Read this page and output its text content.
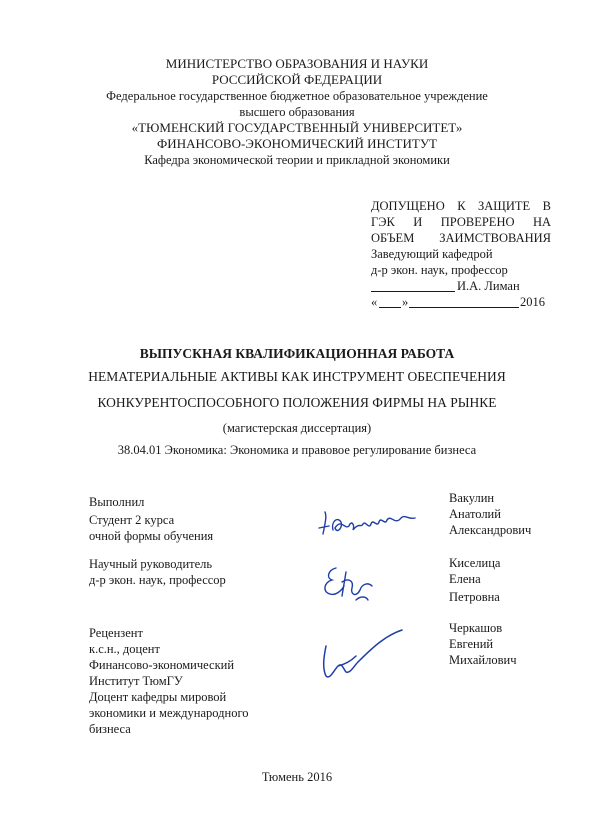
МИНИСТЕРСТВО ОБРАЗОВАНИЯ И НАУКИ
РОССИЙСКОЙ ФЕДЕРАЦИИ
Федеральное государственное бюджетное образовательное учреждение
высшего образования
«ТЮМЕНСКИЙ ГОСУДАРСТВЕННЫЙ УНИВЕРСИТЕТ»
ФИНАНСОВО-ЭКОНОМИЧЕСКИЙ ИНСТИТУТ
Кафедра экономической теории и прикладной экономики
ДОПУЩЕНО К ЗАЩИТЕ В
ГЭК И ПРОВЕРЕНО НА
ОБЪЕМ ЗАИМСТВОВАНИЯ
Заведующий кафедрой
д-р экон. наук, профессор
И.А. Лиман
« »	2016
ВЫПУСКНАЯ КВАЛИФИКАЦИОННАЯ РАБОТА
НЕМАТЕРИАЛЬНЫЕ АКТИВЫ КАК ИНСТРУМЕНТ ОБЕСПЕЧЕНИЯ
КОНКУРЕНТОСПОСОБНОГО ПОЛОЖЕНИЯ ФИРМЫ НА РЫНКЕ
(магистерская диссертация)
38.04.01 Экономика: Экономика и правовое регулирование бизнеса
Выполнил
Студент 2 курса
очной формы обучения
Вакулин
Анатолий
Александрович
Научный руководитель
д-р экон. наук, профессор
Киселица
Елена
Петровна
Рецензент
к.с.н., доцент
Финансово-экономический
Институт ТюмГУ
Доцент кафедры мировой
экономики и международного
бизнеса
Черкашов
Евгений
Михайлович
Тюмень 2016
